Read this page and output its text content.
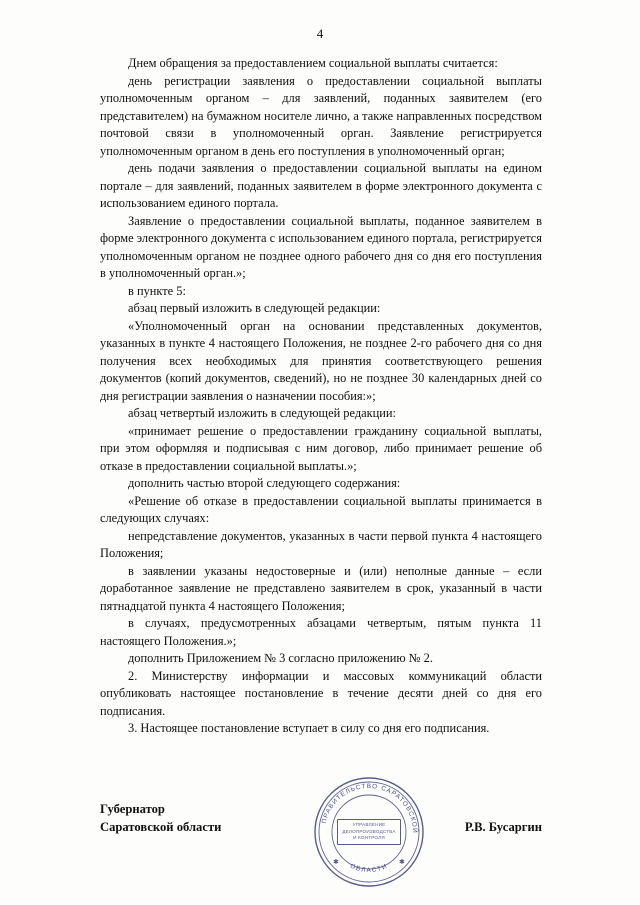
4

Днем обращения за предоставлением социальной выплаты считается:

день регистрации заявления о предоставлении социальной выплаты уполномоченным органом – для заявлений, поданных заявителем (его представителем) на бумажном носителе лично, а также направленных посредством почтовой связи в уполномоченный орган. Заявление регистрируется уполномоченным органом в день его поступления в уполномоченный орган;

день подачи заявления о предоставлении социальной выплаты на едином портале – для заявлений, поданных заявителем в форме электронного документа с использованием единого портала.

Заявление о предоставлении социальной выплаты, поданное заявителем в форме электронного документа с использованием единого портала, регистрируется уполномоченным органом не позднее одного рабочего дня со дня его поступления в уполномоченный орган.»;

в пункте 5:

абзац первый изложить в следующей редакции:

«Уполномоченный орган на основании представленных документов, указанных в пункте 4 настоящего Положения, не позднее 2-го рабочего дня со дня получения всех необходимых для принятия соответствующего решения документов (копий документов, сведений), но не позднее 30 календарных дней со дня регистрации заявления о назначении пособия:»;

абзац четвертый изложить в следующей редакции:

«принимает решение о предоставлении гражданину социальной выплаты, при этом оформляя и подписывая с ним договор, либо принимает решение об отказе в предоставлении социальной выплаты.»;

дополнить частью второй следующего содержания:

«Решение об отказе в предоставлении социальной выплаты принимается в следующих случаях:

непредставление документов, указанных в части первой пункта 4 настоящего Положения;

в заявлении указаны недостоверные и (или) неполные данные – если доработанное заявление не представлено заявителем в срок, указанный в части пятнадцатой пункта 4 настоящего Положения;

в случаях, предусмотренных абзацами четвертым, пятым пункта 11 настоящего Положения.»;

дополнить Приложением № 3 согласно приложению № 2.

2. Министерству информации и массовых коммуникаций области опубликовать настоящее постановление в течение десяти дней со дня его подписания.

3. Настоящее постановление вступает в силу со дня его подписания.

ПРАВИТЕЛЬСТВО САРАТОВСКОЙ
ОБЛАСТИ
✱	✱
УПРАВЛЕНИЕ
ДЕЛОПРОИЗВОДСТВА
И КОНТРОЛЯ
Губернатор
Саратовской области	Р.В. Бусаргин
